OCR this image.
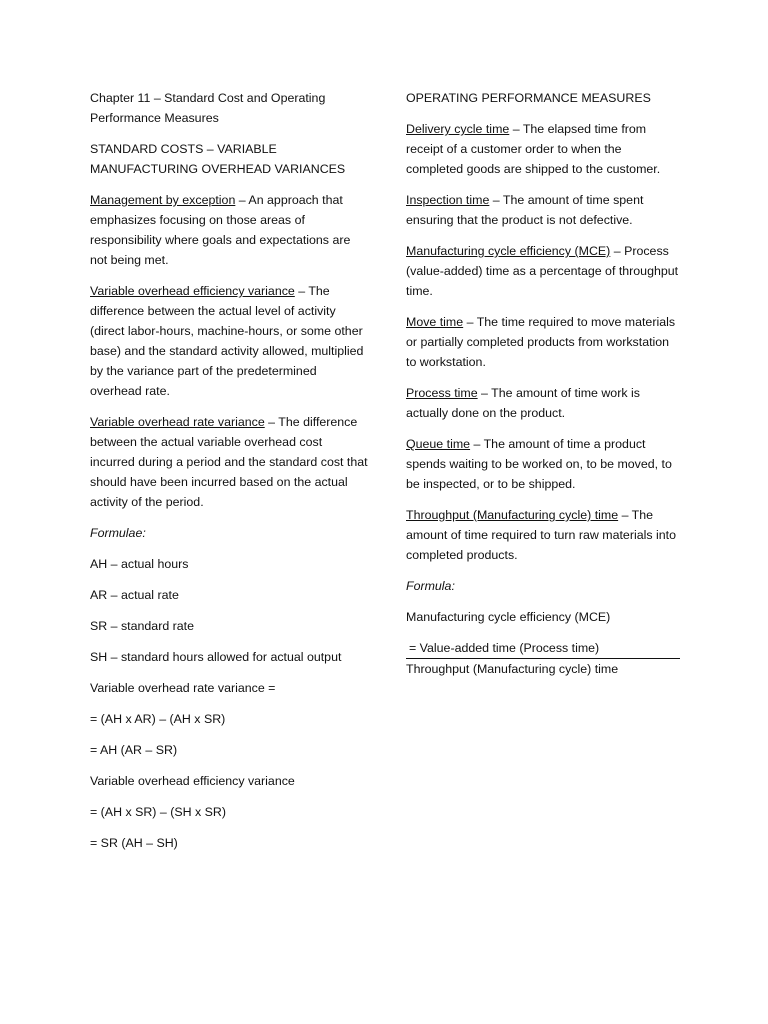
Chapter 11 – Standard Cost and Operating Performance Measures

STANDARD COSTS – VARIABLE MANUFACTURING OVERHEAD VARIANCES

Management by exception – An approach that emphasizes focusing on those areas of responsibility where goals and expectations are not being met.

Variable overhead efficiency variance – The difference between the actual level of activity (direct labor-hours, machine-hours, or some other base) and the standard activity allowed, multiplied by the variance part of the predetermined overhead rate.

Variable overhead rate variance – The difference between the actual variable overhead cost incurred during a period and the standard cost that should have been incurred based on the actual activity of the period.

Formulae:

AH – actual hours

AR – actual rate

SR – standard rate

SH – standard hours allowed for actual output

Variable overhead rate variance =

= (AH x AR) – (AH x SR)

= AH (AR – SR)

Variable overhead efficiency variance

= (AH x SR) – (SH x SR)

= SR (AH – SH)

OPERATING PERFORMANCE MEASURES

Delivery cycle time – The elapsed time from receipt of a customer order to when the completed goods are shipped to the customer.

Inspection time – The amount of time spent ensuring that the product is not defective.

Manufacturing cycle efficiency (MCE) – Process (value-added) time as a percentage of throughput time.

Move time – The time required to move materials or partially completed products from workstation to workstation.

Process time – The amount of time work is actually done on the product.

Queue time – The amount of time a product spends waiting to be worked on, to be moved, to be inspected, or to be shipped.

Throughput (Manufacturing cycle) time – The amount of time required to turn raw materials into completed products.

Formula:

Manufacturing cycle efficiency (MCE)

= Value-added time (Process time)

Throughput (Manufacturing cycle) time
